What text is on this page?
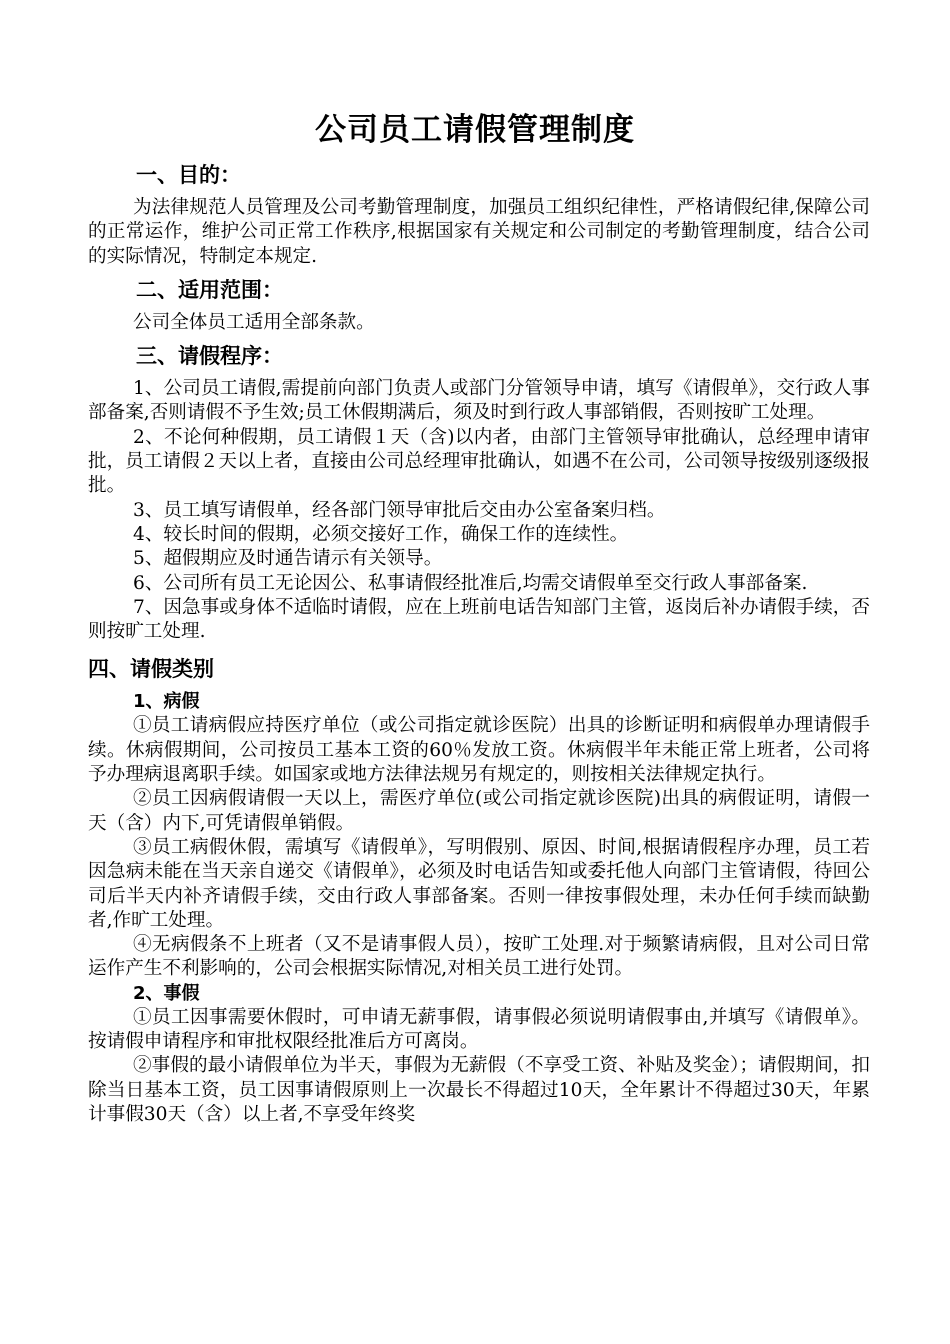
公司员工请假管理制度
一、目的：

为法律规范人员管理及公司考勤管理制度，加强员工组织纪律性，严格请假纪律,保障公司的正常运作，维护公司正常工作秩序,根据国家有关规定和公司制定的考勤管理制度，结合公司的实际情况，特制定本规定.

二、适用范围：

公司全体员工适用全部条款。

三、请假程序：

1、公司员工请假,需提前向部门负责人或部门分管领导申请，填写《请假单》，交行政人事部备案,否则请假不予生效;员工休假期满后，须及时到行政人事部销假，否则按旷工处理。

2、不论何种假期，员工请假１天（含)以内者，由部门主管领导审批确认，总经理申请审批，员工请假２天以上者，直接由公司总经理审批确认，如遇不在公司，公司领导按级别逐级报批。

3、员工填写请假单，经各部门领导审批后交由办公室备案归档。

4、较长时间的假期，必须交接好工作，确保工作的连续性。

5、超假期应及时通告请示有关领导。

6、公司所有员工无论因公、私事请假经批准后,均需交请假单至交行政人事部备案.

7、因急事或身体不适临时请假，应在上班前电话告知部门主管，返岗后补办请假手续，否则按旷工处理.

四、请假类别
1、病假

①员工请病假应持医疗单位（或公司指定就诊医院）出具的诊断证明和病假单办理请假手续。休病假期间，公司按员工基本工资的60％发放工资。休病假半年未能正常上班者，公司将予办理病退离职手续。如国家或地方法律法规另有规定的，则按相关法律规定执行。

②员工因病假请假一天以上，需医疗单位(或公司指定就诊医院)出具的病假证明，请假一天（含）内下,可凭请假单销假。

③员工病假休假，需填写《请假单》，写明假别、原因、时间,根据请假程序办理，员工若因急病未能在当天亲自递交《请假单》，必须及时电话告知或委托他人向部门主管请假，待回公司后半天内补齐请假手续，交由行政人事部备案。否则一律按事假处理，未办任何手续而缺勤者,作旷工处理。

④无病假条不上班者（又不是请事假人员），按旷工处理.对于频繁请病假，且对公司日常运作产生不利影响的，公司会根据实际情况,对相关员工进行处罚。

2、事假

①员工因事需要休假时，可申请无薪事假，请事假必须说明请假事由,并填写《请假单》。按请假申请程序和审批权限经批准后方可离岗。

②事假的最小请假单位为半天，事假为无薪假（不享受工资、补贴及奖金）；请假期间，扣除当日基本工资，员工因事请假原则上一次最长不得超过10天，全年累计不得超过30天，年累计事假30天（含）以上者,不享受年终奖
